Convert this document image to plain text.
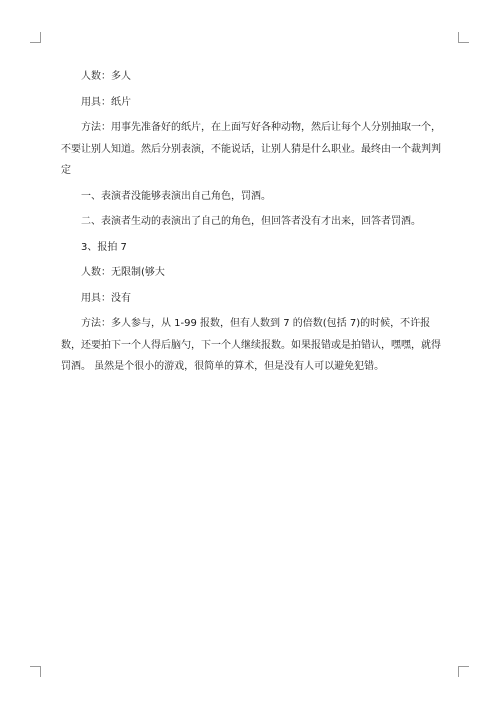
人数：多人

用具：纸片

方法：用事先准备好的纸片，在上面写好各种动物，然后让每个人分别抽取一个，不要让别人知道。然后分别表演，不能说话，让别人猜是什么职业。最终由一个裁判判定

一、表演者没能够表演出自己角色，罚酒。

二、表演者生动的表演出了自己的角色，但回答者没有才出来，回答者罚酒。

3、报拍 7

人数：无限制(够大

用具：没有

方法：多人参与，从 1-99 报数，但有人数到 7 的倍数(包括 7)的时候，不许报数，还要拍下一个人得后脑勺，下一个人继续报数。如果报错或是拍错认，嘿嘿，就得罚酒。 虽然是个很小的游戏，很简单的算术，但是没有人可以避免犯错。
